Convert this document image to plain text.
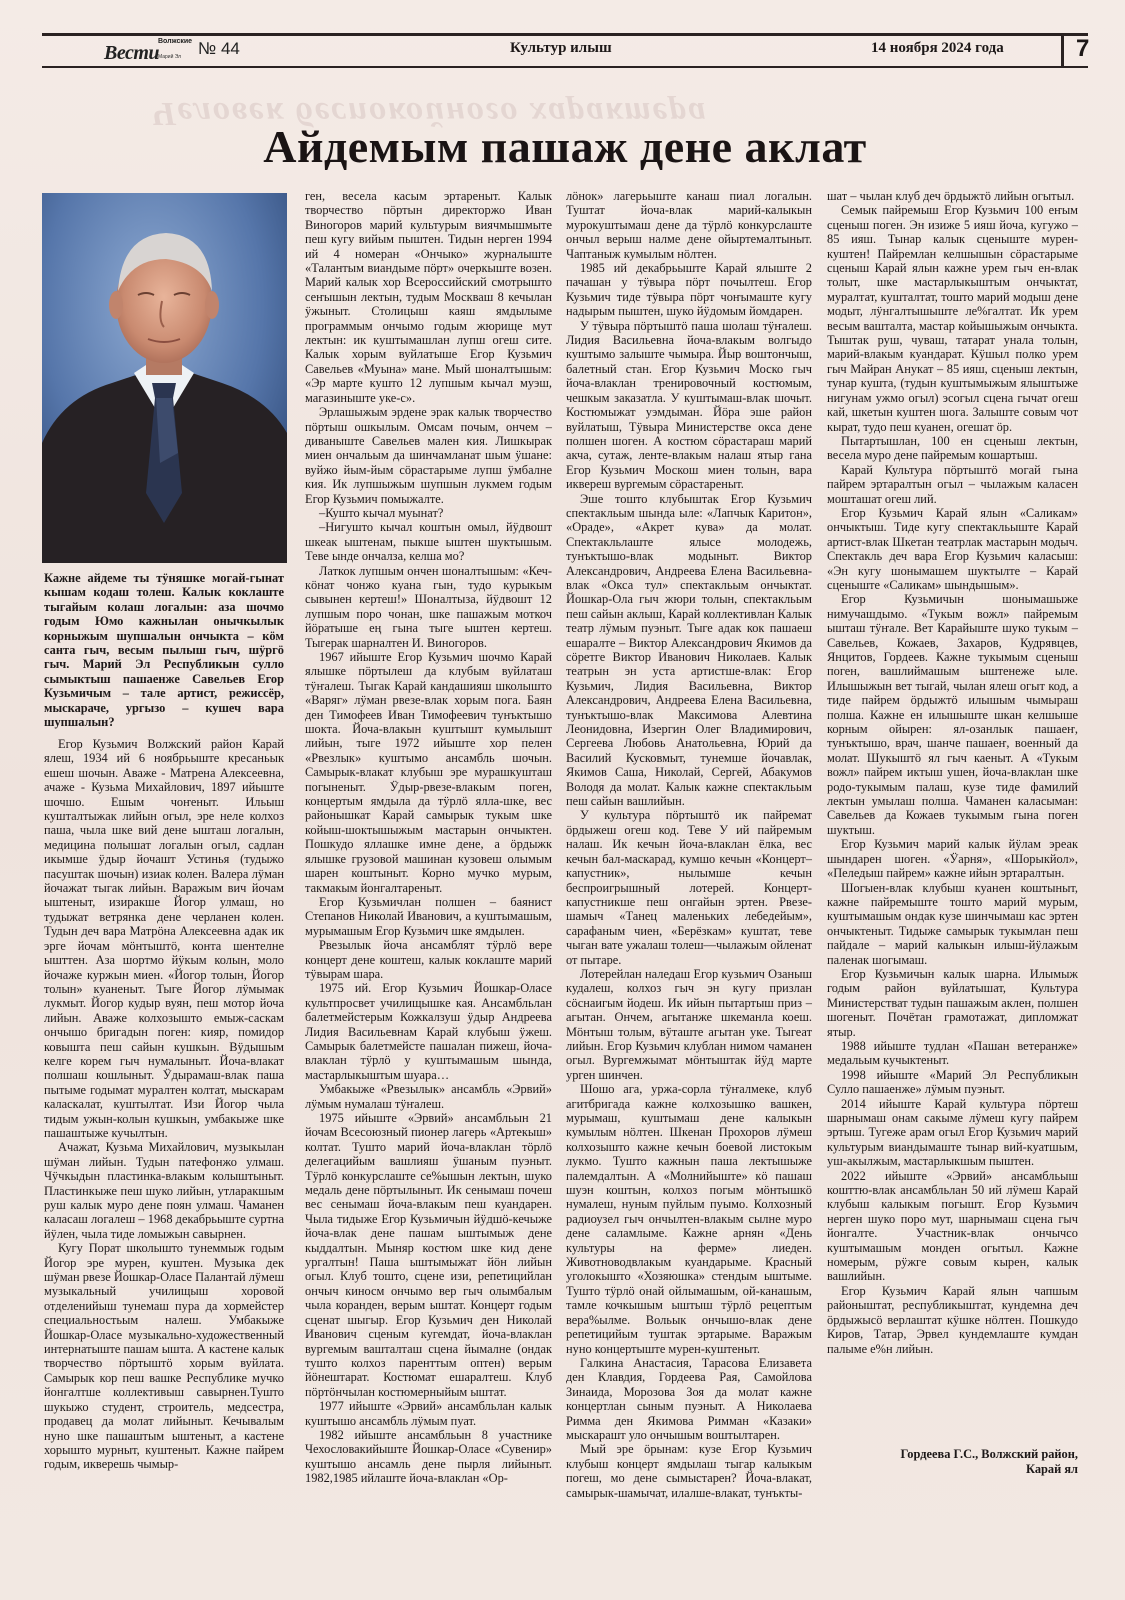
Волжские
Вести
Марий Эл № 44	Культур илыш	14 ноября 2024 года	7
Человек беспокойного характера
Айдемым пашаж дене аклат
Кажне айдеме ты тӱняшке могай-гынат кышам кодаш толеш. Калык коклаште тыгайым колаш логалын: аза шочмо годым Юмо кажнылан онычкылык корныжым шупшалын ончыкта – кӧм санта гыч, весым пылыш гыч, шӱргӧ гыч. Марий Эл Республикын сулло сымыктыш пашаенже Савельев Егор Кузьмичым – тале артист, режиссёр, мыскараче, ургызо – кушеч вара шупшалын?

Егор Кузьмич Волжский район Карай ялеш, 1934 ий 6 ноябрьыште кресаньык ешеш шочын. Аваже - Матрена Алексеевна, ачаже - Кузьма Михайлович, 1897 ийыште шочшо. Ешым чоҥеныт. Ильыш кушталтыжак лийын огыл, эре неле колхоз паша, чыла шке вий дене ышташ логалын, медицина полышат логалын огыл, садлан икымше ӱдыр йочашт Устинья (тудыжо пасуштак шочын) изиак колен. Валера лӱман йочажат тыгак лийын. Варажым вич йочам ыштеныт, изиракше Йогор улмаш, но тудыжат ветрянка дене черланен колен. Тудын деч вара Матрӧна Алексеевна адак ик эрге йочам мӧнтыштӧ, конта шентелне ышттен. Аза шортмо йӱкым колын, моло йочаже куржын миен. «Йогор толын, Йогор толын» куаненыт. Тыге Йогор лӱмымак лукмыт. Йогор кудыр вуян, пеш мотор йоча лийын. Аваже колхозышто емыж-саскам ончышо бригадын поген: кияр, помидор ковышта пеш сайын кушкын. Вӱдышым келге корем гыч нумалыныт. Йоча-влакат полшаш кошлыныт. Ӱдырамаш-влак паша пытыме годымат муралтен колтат, мыскарам каласкалат, куштылтат. Изи Йогор чыла тидым ужын-колын кушкын, умбакыже шке пашаштыже кучылтын.

Ачажат, Кузьма Михайлович, музыкылан шӱман лийын. Тудын патефонжо улмаш. Чӱчкыдын пластинка-влакым колыштыныт. Пластинкыже пеш шуко лийын, утларакшым руш калык муро дене поян улмаш. Чаманен каласаш логалеш – 1968 декабрьыште суртна йӱлен, чыла тиде ломыжын савырнен.

Кугу Порат школышто тунеммыж годым Йогор эре мурен, куштен. Музыка дек шӱман рвезе Йошкар-Оласе Палантай лӱмеш музыкальный училищыш хоровой отделенийыш тунемаш пура да хормейстер специальностьым налеш. Умбакыже Йошкар-Оласе музыкально-художественный интернатыште пашам ышта. А кастене калык творчество пӧртыштӧ хорым вуйлата. Самырык кор пеш вашке Республике мучко йонгалтше коллективыш савырнен.Тушто шукыжо студент, строитель, медсестра, продавец да молат лийыныт. Кечывалым нуно шке пашаштым ыштеныт, а кастене хорышто мурныт, куштеныт. Кажне пайрем годым, икверешь чымыр-

ген, весела касым эртареныт. Калык творчество пӧртын директоржо Иван Виногоров марий культурым виячмышмыте пеш кугу вийым пыштен. Тидын нерген 1994 ий 4 номеран «Ончыко» журналыште «Талантым виандыме пӧрт» очеркыште возен. Марий калык хор Всероссийский смотрышто сеҥышын лектын, тудым Москваш 8 кечылан ӱжыныт. Столицыш каяш ямдылыме программым ончымо годым жюрище мут лектын: ик куштымашлан лупш огеш сите. Калык хорым вуйлатыше Егор Кузьмич Савельев «Муына» мане. Мый шоналтышым: «Эр марте кушто 12 лупшым кычал муэш, магазиныште уке-с».

Эрлашыжым эрдене эрак калык творчество пӧртыш ошкылым. Омсам почым, ончем – диваныште Савельев мален кия. Лишкырак миен ончальым да шинчамланат шым ӱшане: вуйжо йым-йым сӧрастарыме лупш ӱмбалне кия. Ик лупшыжым шупшын лукмем годым Егор Кузьмич помыжалте.

–Кушто кычал муынат?

–Нигушто кычал коштын омыл, йӱдвошт шкеак ыштенам, пыкше ыштен шуктышым. Теве ынде ончалза, келша мо?

Латкок лупшым ончен шоналтышым: «Кеч-кӧнат чонжо куана гын, тудо курыкым сывынен кертеш!» Шоналтыза, йӱдвошт 12 лупшым поро чонан, шке пашажым моткоч йӧратыше ең гына тыге ыштен кертеш. Тыгерак шарналтен И. Виногоров.

1967 ийыште Егор Кузьмич шочмо Карай ялышке пӧртылеш да клубым вуйлаташ тӱҥалеш. Тыгак Карай кандашияш школышто «Варяг» лӱман рвезе-влак хорым пога. Баян ден Тимофеев Иван Тимофеевич тунъктышо шокта. Йоча-влакын куштышт кумылышт лийын, тыге 1972 ийыште хор пелен «Рвезлык» куштымо ансамбль шочын. Самырык-влакат клубыш эре мурашкушташ погыненыт. Ӱдыр-рвезе-влакым поген, концертым ямдыла да тӱрлӧ ялла-шке, вес районышкат Карай самырык тукым шке койыш-шоктышыжым мастарын ончыктен. Пошкудо яллашке имне дене, а ӧрдыжк ялышке грузовой машинан кузовеш олымым шарен коштыныт. Корно мучко мурым, такмакым йонгалтареныт.

Егор Кузьмичлан полшен – баянист Степанов Николай Иванович, а куштымашым, мурымашым Егор Кузьмич шке ямдылен.

Рвезылык йоча ансамблят тӱрлӧ вере концерт дене коштеш, калык коклаште марий тӱвырам шара.

1975 ий. Егор Кузьмич Йошкар-Оласе культпросвет училищышке кая. Ансамбльлан балетмейстерым Кожкалзуш ӱдыр Андреева Лидия Васильевнам Карай клубыш ӱжеш. Самырык балетмейсте пашалан пижеш, йоча-влаклан тӱрлӧ у куштымашым шында, мастарлыкыштым шуара…

Умбакыже «Рвезылык» ансамбль «Эрвий» лӱмым нумалаш тӱҥалеш.

1975 ийыште «Эрвий» ансамбльын 21 йочам Всесоюзный пионер лагерь «Артекыш» колтат. Тушто марий йоча-влаклан тӧрлӧ делегацийым вашлияш ӱшаным пуэныт. Тӱрлӧ конкурслаште се%ышын лектын, шуко медаль дене пӧртылыныт. Ик сенымаш почеш вес сенымаш йоча-влакым пеш куандарен. Чыла тидыже Егор Кузьмичын йӱдшӧ-кечыже йоча-влак дене пашам ыштымыж дене кыддалтын. Мыняр костюм шке кид дене ургалтын! Паша ыштымыжат йӧн лийын огыл. Клуб тошто, сцене изи, репетицийлан ончыч киносм ончымо вер гыч олымбалым чыла коранден, верым ыштат. Концерт годым сценат шыгыр. Егор Кузьмич ден Николай Иванович сценым кугемдат, йоча-влаклан вургемым вашталташ сцена йымалне (ондак тушто колхоз паренттым оптен) верым йӧнештарат. Костюмат ешаралтеш. Клуб пӧртӧнчылан костюмерныйым ыштат.

1977 ийыште «Эрвий» ансамбльлан калык куштышо ансамбль лӱмым пуат.

1982 ийыште ансамбльын 8 участнике Чехословакийыште Йошкар-Оласе «Сувенир» куштышо ансамль дене пырля лийыныт. 1982,1985 ийлаште йоча-влаклан «Ор-

лӧнок» лагерьыште канаш пиал логалын. Туштат йоча-влак марий-калыкын мурокуштымаш дене да тӱрлӧ конкурслаште ончыл верыш налме дене ойыртемалтыныт. Чаптаныж кумылым нӧлтен.

1985 ий декабрьыште Карай ялыште 2 пачашан у тӱвыра пӧрт почылтеш. Егор Кузьмич тиде тӱвыра пӧрт чоҥымаште кугу надырым пыштен, шуко йӱдомым йомдарен.

У тӱвыра пӧртыштӧ паша шолаш тӱҥалеш. Лидия Васильевна йоча-влакым волгыдо куштымо залыште чымыра. Йыр воштончыш, балетный стан. Егор Кузьмич Моско гыч йоча-влаклан тренировочный костюмым, чешкым заказатла. У куштымаш-влак шочыт. Костюмыжат уэмдыман. Йӧра эше район вуйлатыш, Тӱвыра Министерстве окса дене полшен шоген. А костюм сӧрастараш марий акча, сутаж, ленте-влакым налаш ятыр гана Егор Кузьмич Москош миен толын, вара иквереш вургемым сӧрастареныт.

Эше тошто клубыштак Егор Кузьмич спектакльым шында ыле: «Лапчык Каритон», «Ораде», «Акрет кува» да молат. Спектакльлаште ялысе молодежь, тунъктышо-влак модыныт. Виктор Александрович, Андреева Елена Васильевна-влак «Окса тул» спектакльым ончыктат. Йошкар-Ола гыч жюри толын, спектакльым пеш сайын аклыш, Карай коллективлан Калык театр лӱмым пуэныт. Тыге адак кок пашаеш ешаралте – Виктор Александрович Якимов да сӧретге Виктор Иванович Николаев. Калык театрын эн уста артистше-влак: Егор Кузьмич, Лидия Васильевна, Виктор Александрович, Андреева Елена Васильевна, тунъктышо-влак Максимова Алевтина Леонидовна, Изергин Олег Владимирович, Сергеева Любовь Анатольевна, Юрий да Василий Кусковмыт, тунемше йочавлак, Якимов Саша, Николай, Сергей, Абакумов Володя да молат. Калык кажне спектакльым пеш сайын вашлийын.

У культура пӧртыштӧ ик пайремат ӧрдыжеш огеш код. Теве У ий пайремым налаш. Ик кечын йоча-влаклан ёлка, вес кечын бал-маскарад, кумшо кечын «Концерт–капустник», нылымше кечын беспроигрышный лотерей. Концерт-капустникше пеш онгайын эртен. Рвезе-шамыч «Танец маленьких лебедейым», сарафаным чиен, «Берёзкам» куштат, тевe чыган вате ужалаш толеш—чылажым ойленат от пытаре.

Лотерейлан наледаш Егор кузьмич Озаныш кудалеш, колхоз гыч эн кугу призлан сӧснаигым йодеш. Ик ийын пытартыш приз – агытан. Ончем, агытанже шкеманла коеш. Мӧнтыш толым, вӱташте агытан уке. Тыгеат лийын. Егор Кузьмич клублан нимом чаманен огыл. Вургемжымат мӧнтыштак йӱд марте урген шинчен.

Шошо ага, уржа-сорла тӱҥалмеке, клуб агитбригада кажне колхозышко вашкен, мурымаш, куштымаш дене калыкын кумылым нӧлтен. Шкенан Прохоров лӱмеш колхозышто кажне кечын боевой листокым лукмо. Тушто кажнын паша лектышыже палемдалтын. А «Молнийыште» кӧ пашаш шуэн коштын, колхоз погым мӧнтышкӧ нумалеш, нуным пуйлым пуымо. Колхозный радиоузел гыч ончылтен-влакым сылне муро дене саламлыме. Кажне арнян «День культуры на ферме» лиеден. Животноводвлакым куандарыме. Красный уголокышто «Хозяюшка» стендым ыштыме. Тушто тӱрлӧ онай ойлымашым, ой-канашым, тамле кочкышым ыштыш тӱрлӧ рецептым вера%ылме. Вольык ончышо-влак дене репетицийым туштак эртарыме. Варажым нуно концертыште мурен-куштеныт.

Галкина Анастасия, Тарасова Елизавета ден Клавдия, Гордеева Рая, Самойлова Зинаида, Морозова Зоя да молат кажне концертлан сыным пуэныт. А Николаева Римма ден Якимова Римман «Казаки» мыскарашт уло ончышым воштылтарен.

Мый эре ӧрынам: кузе Егор Кузьмич клубыш концерт ямдылаш тыгар калыкым погеш, мо дене сымыстарен? Йоча-влакат, самырык-шамычат, илалше-влакат, тунъкты-

шат – чылан клуб деч ӧрдыжтӧ лийын огытыл.

Семык пайремыш Егор Кузьмич 100 еҥым сценыш поген. Эн изиже 5 ияш йоча, кугужо – 85 ияш. Тынар калык сценыште мурен-куштен! Пайремлан келшышын сӧрастарыме сценыш Карай ялын кажне урем гыч ен-влак толыт, шке мастарлыкыштым ончыктат, муралтат, кушталтат, тошто марий модыш дене модыт, лӱнгалтышыште ле%галтат. Ик урем весым вашталта, мастар койышыжым ончыкта. Тыштак руш, чуваш, татарат унала толын, марий-влакым куандарат. Кӱшыл полко урем гыч Майран Анукат – 85 ияш, сценыш лектын, тунар кушта, (тудын куштымыжым ялыштыже нигунам ужмо огыл) эсогыл сцена гычат огеш кай, шкетын куштен шога. Залыште совым чот кырат, тудо пеш куанен, огешат ӧр.

Пытартышлан, 100 ен сценыш лектын, весела муро дене пайремым кошартыш.

Карай Культура пӧртыштӧ могай гына пайрем эртаралтын огыл – чылажым каласен мошташат огеш лий.

Егор Кузьмич Карай ялын «Саликам» ончыктыш. Тиде кугу спектакльыште Карай артист-влак Шкетан театрлак мастарын модыч. Спектакль деч вара Егор Кузьмич каласыш: «Эн кугу шонымашем шуктылте – Карай сценыште «Саликам» шындышым».

Егор Кузьмичын шонымашыже нимучашдымо. «Тукым вожл» пайремым ышташ тӱҥале. Вет Карайыште шуко тукым – Савельев, Кожаев, Захаров, Кудрявцев, Янцитов, Гордеев. Кажне тукымым сценыш поген, вашлиймашым ыштенеже ыле. Илышыжын вет тыгай, чылан ялеш огыт код, а тиде пайрем ӧрдыжтӧ илышым чымыраш полша. Кажне ен илышыште шкан келшыше корным ойырен: ял-озанлык пашаеҥ, тунъктышо, врач, шанче пашаеҥ, военный да молат. Шукыштӧ ял гыч каеныт. А «Тукым вожл» пайрем иктыш ушен, йоча-влаклан шке родо-тукымым палаш, кузе тиде фамилий лектын умылаш полша. Чаманен каласыман: Савельев да Кожаев тукымым гына поген шуктыш.

Егор Кузьмич марий калык йӱлам эреак шындарен шоген. «Ӱарня», «Шорыкйол», «Пеледыш пайрем» кажне ийын эртаралтын.

Шогыен-влак клубыш куанен коштыныт, кажне пайремыште тошто марий мурым, куштымашым ондак кузе шинчымаш кас эртен ончыктеныт. Тидыже самырык тукымлан пеш пайдале – марий калыкын илыш-йӱлажым паленак шогымаш.

Егор Кузьмичын калык шарна. Илымыж годым район вуйлатышат, Культура Министерстват тудын пашажым аклен, полшен шогеныт. Почётан грамотажат, дипломжат ятыр.

1988 ийыште тудлан «Пашан ветеранже» медальым кучыктеныт.

1998 ийыште «Марий Эл Республикын Сулло пашаенже» лӱмым пуэныт.

2014 ийыште Карай культура пӧртеш шарнымаш онам сакыме лӱмеш кугу пайрем эртыш. Тугеже арам огыл Егор Кузьмич марий культурым виандымаште тынар вий-куатшым, уш-акылжым, мастарлыкшым пыштен.

2022 ийыште «Эрвий» ансамбльыш кошттю-влак ансамбльлан 50 ий лӱмеш Карай клубыш калыкым погышт. Егор Кузьмич нерген шуко порo мут, шарнымаш сцена гыч йонгалте. Участник-влак ончычсо куштымашым монден огытыл. Кажне номерым, рӱжге совым кырен, калык вашлийын.

Егор Кузьмич Карай ялын чапшым районыштат, республикыштат, кундемна деч ӧрдыжысӧ верлаштат кӱшке нӧлтен. Пошкудо Киров, Татар, Эрвел кундемлаште кумдан палыме е%н лийын.

Гордеева Г.С., Волжский район,
Карай ял
